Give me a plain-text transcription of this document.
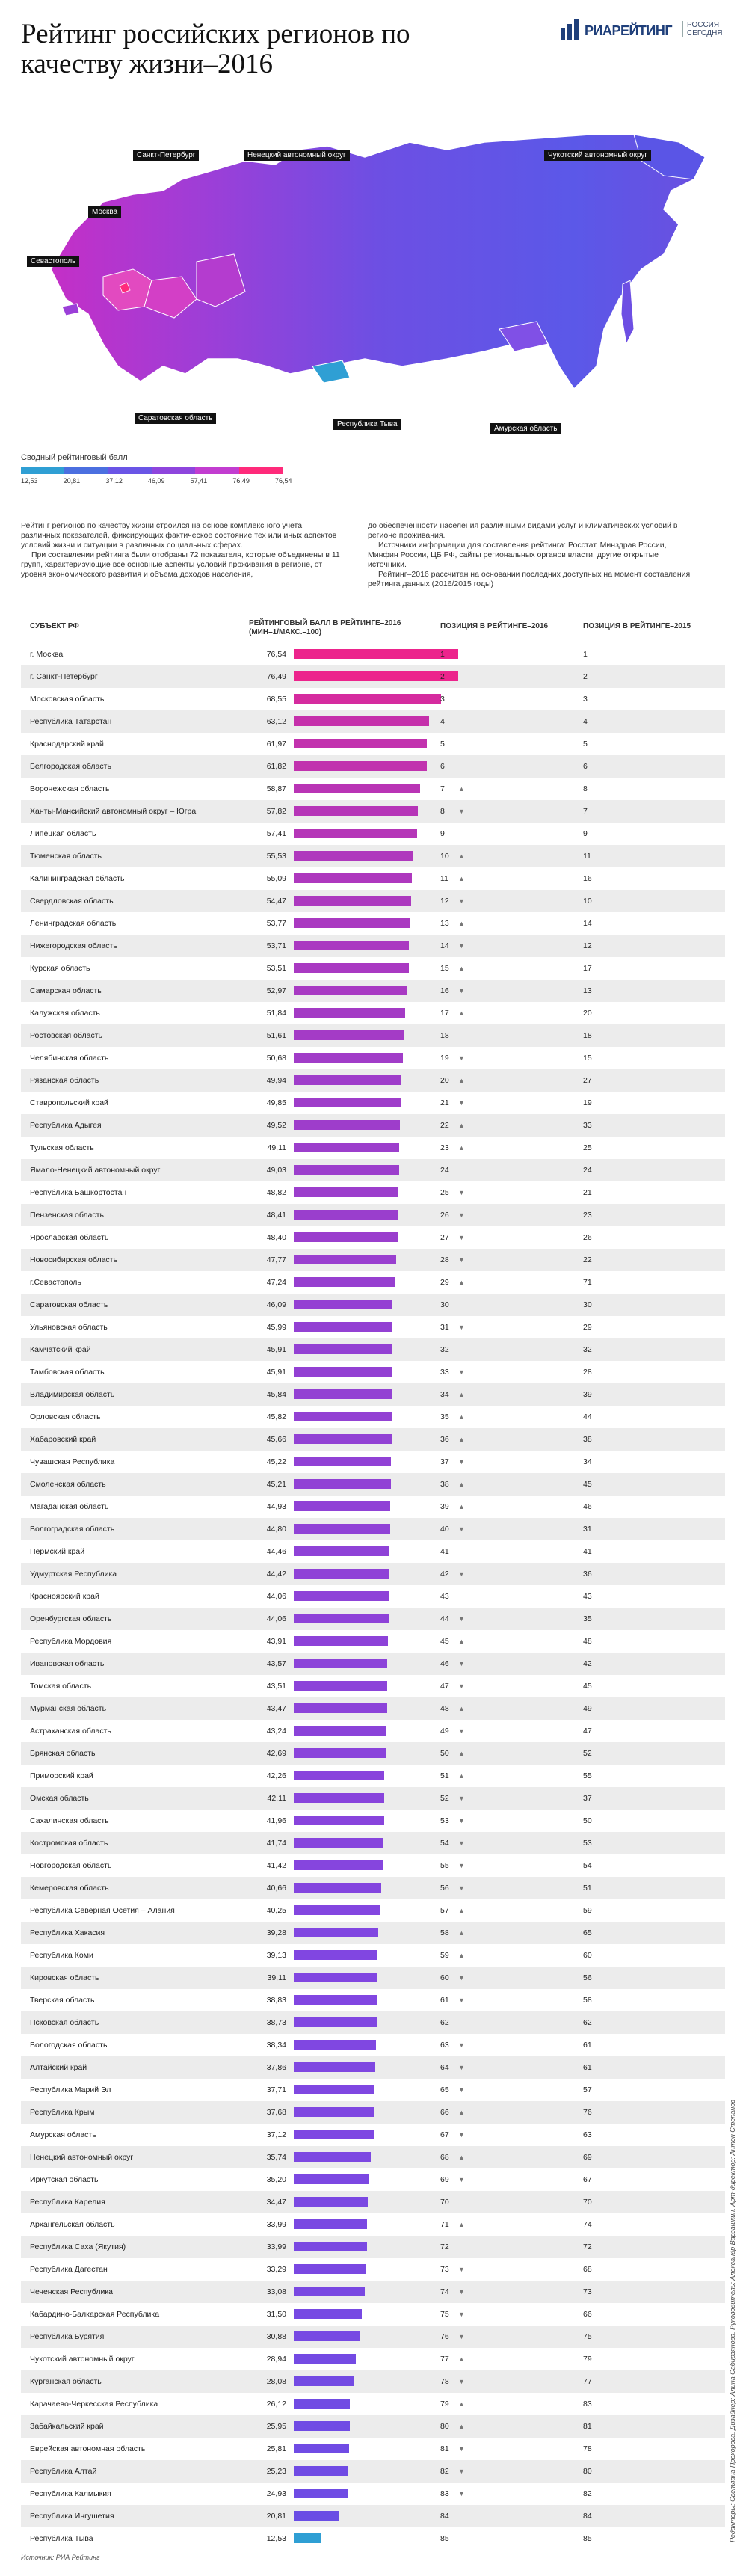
Рейтинг российских регионов по качеству жизни–2016
РИАРЕЙТИНГ	РОССИЯ
СЕГОДНЯ
Санкт-Петербург
Москва
Ненецкий автономный округ	Чукотский автономный округ
Севастополь
Саратовская область
Республика Тыва
Амурская область
Сводный рейтинговый балл
12,53	20,81	37,12	46,09	57,41	76,49	76,54

Рейтинг регионов по качеству жизни строился на основе комплексного учета различных показателей, фиксирующих фактическое состояние тех или иных аспектов условий жизни и ситуации в различных социальных сферах.

При составлении рейтинга были отобраны 72 показателя, которые объединены в 11 групп, характеризующие все основные аспекты условий проживания в регионе, от уровня экономического развития и объема доходов населения,

до обеспеченности населения различными видами услуг и климатических условий в регионе проживания.

Источники информации для составления рейтинга: Росстат, Минздрав России, Минфин России, ЦБ РФ, сайты региональных органов власти, другие открытые источники.

Рейтинг–2016 рассчитан на основании последних доступных на момент составления рейтинга данных (2016/2015 годы)

СУБЪЕКТ РФ	РЕЙТИНГОВЫЙ БАЛЛ В РЕЙТИНГЕ–2016 (МИН–1/МАКС.–100)
ПОЗИЦИЯ В РЕЙТИНГЕ–2016	ПОЗИЦИЯ В РЕЙТИНГЕ–2015
г. Москва	76,54	1	1
г. Санкт-Петербург	76,49	2	2
Московская область	68,55	3	3
Республика Татарстан	63,12	4	4
Краснодарский край	61,97	5	5
Белгородская область	61,82	6	6
Воронежская область	58,87	7	▲	8
Ханты-Мансийский автономный округ – Югра	57,82	8	▼	7
Липецкая область	57,41	9	9
Тюменская область	55,53	10	▲	11
Калининградская область	55,09	11	▲	16
Свердловская область	54,47	12	▼	10
Ленинградская область	53,77	13	▲	14
Нижегородская область	53,71	14	▼	12
Курская область	53,51	15	▲	17
Самарская область	52,97	16	▼	13
Калужская область	51,84	17	▲	20
Ростовская область	51,61	18	18
Челябинская область	50,68	19	▼	15
Рязанская область	49,94	20	▲	27
Ставропольский край	49,85	21	▼	19
Республика Адыгея	49,52	22	▲	33
Тульская область	49,11	23	▲	25
Ямало-Ненецкий автономный округ	49,03	24	24
Республика Башкортостан	48,82	25	▼	21
Пензенская область	48,41	26	▼	23
Ярославская область	48,40	27	▼	26
Новосибирская область	47,77	28	▼	22
г.Севастополь	47,24	29	▲	71
Саратовская область	46,09	30	30
Ульяновская область	45,99	31	▼	29
Камчатский край	45,91	32	32
Тамбовская область	45,91	33	▼	28
Владимирская область	45,84	34	▲	39
Орловская область	45,82	35	▲	44
Хабаровский край	45,66	36	▲	38
Чувашская Республика	45,22	37	▼	34
Смоленская область	45,21	38	▲	45
Магаданская область	44,93	39	▲	46
Волгоградская область	44,80	40	▼	31
Пермский край	44,46	41	41
Удмуртская Республика	44,42	42	▼	36
Красноярский край	44,06	43	43
Оренбургская область	44,06	44	▼	35
Республика Мордовия	43,91	45	▲	48
Ивановская область	43,57	46	▼	42
Томская область	43,51	47	▼	45
Мурманская область	43,47	48	▲	49
Астраханская область	43,24	49	▼	47
Брянская область	42,69	50	▲	52
Приморский край	42,26	51	▲	55
Омская область	42,11	52	▼	37
Сахалинская область	41,96	53	▼	50
Костромская область	41,74	54	▼	53
Новгородская область	41,42	55	▼	54
Кемеровская область	40,66	56	▼	51
Республика Северная Осетия – Алания	40,25	57	▲	59
Республика Хакасия	39,28	58	▲	65
Республика Коми	39,13	59	▲	60
Кировская область	39,11	60	▼	56
Тверская область	38,83	61	▼	58
Псковская область	38,73	62	62
Вологодская область	38,34	63	▼	61
Алтайский край	37,86	64	▼	61
Республика Марий Эл	37,71	65	▼	57
Республика Крым	37,68	66	▲	76
Амурская область	37,12	67	▼	63
Ненецкий автономный округ	35,74	68	▲	69
Иркутская область	35,20	69	▼	67
Республика Карелия	34,47	70	70
Архангельская область	33,99	71	▲	74
Республика Саха (Якутия)	33,99	72	72
Республика Дагестан	33,29	73	▼	68
Чеченская Республика	33,08	74	▼	73
Кабардино-Балкарская Республика	31,50	75	▼	66
Республика Бурятия	30,88	76	▼	75
Чукотский автономный округ	28,94	77	▲	79
Курганская область	28,08	78	▼	77
Карачаево-Черкесская Республика	26,12	79	▲	83
Забайкальский край	25,95	80	▲	81
Еврейская автономная область	25,81	81	▼	78
Республика Алтай	25,23	82	▼	80
Республика Калмыкия	24,93	83	▼	82
Республика Ингушетия	20,81	84	84
Республика Тыва	12,53	85	85
Источник: РИА Рейтинг
Редакторы: Светлана Прохорова. Дизайнер: Алина Сабирзянова. Руководитель: Александр Варзашкин. Арт-директор: Антон Степанов
